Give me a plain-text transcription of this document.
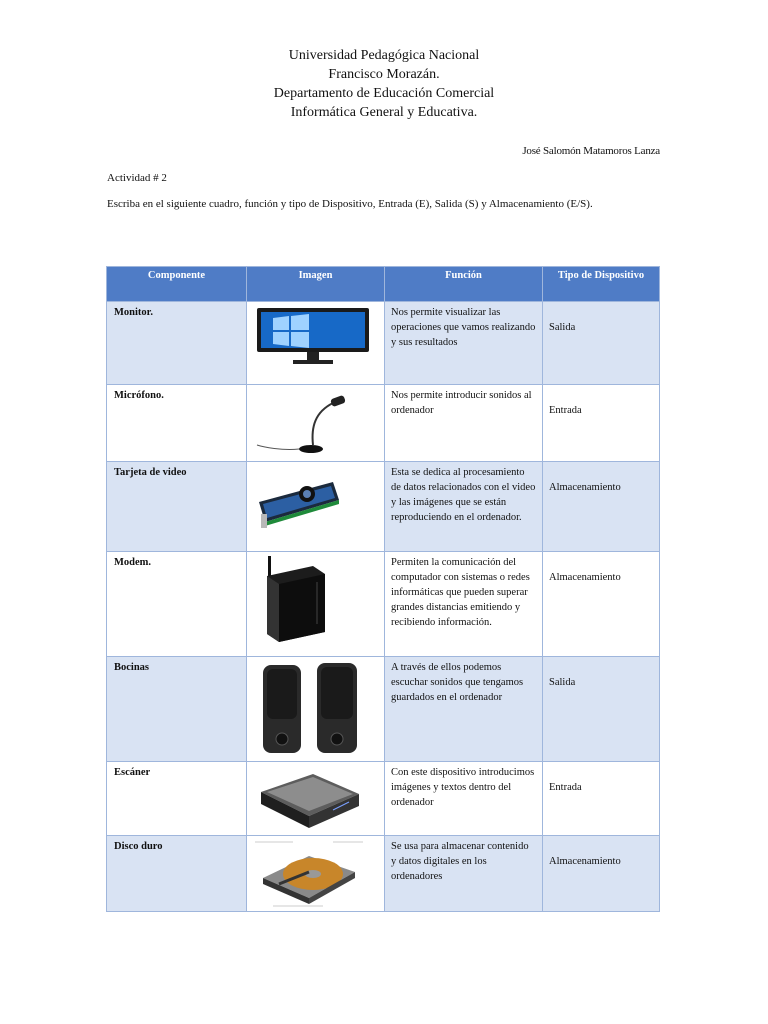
Universidad Pedagógica Nacional
Francisco Morazán.
Departamento de Educación Comercial
Informática General y Educativa.
José Salomón Matamoros Lanza
Actividad # 2
Escriba en el siguiente cuadro, función y tipo de Dispositivo, Entrada (E), Salida (S) y Almacenamiento (E/S).
Componente	Imagen	Función	Tipo de Dispositivo
Monitor.		Nos permite visualizar las operaciones que vamos realizando y sus resultados	Salida
Micrófono.		Nos permite introducir sonidos al ordenador	Entrada
Tarjeta de video		Esta se dedica al procesamiento de datos relacionados con el video y las imágenes que se están reproduciendo en el ordenador.	Almacenamiento
Modem.		Permiten la comunicación del computador con sistemas o redes informáticas que pueden superar grandes distancias emitiendo y recibiendo información.	Almacenamiento
Bocinas		A través de ellos podemos escuchar sonidos que tengamos guardados en el ordenador	Salida
Escáner		Con este dispositivo introducimos imágenes y textos dentro del ordenador	Entrada
Disco duro		Se usa para almacenar contenido y datos digitales en los ordenadores	Almacenamiento
